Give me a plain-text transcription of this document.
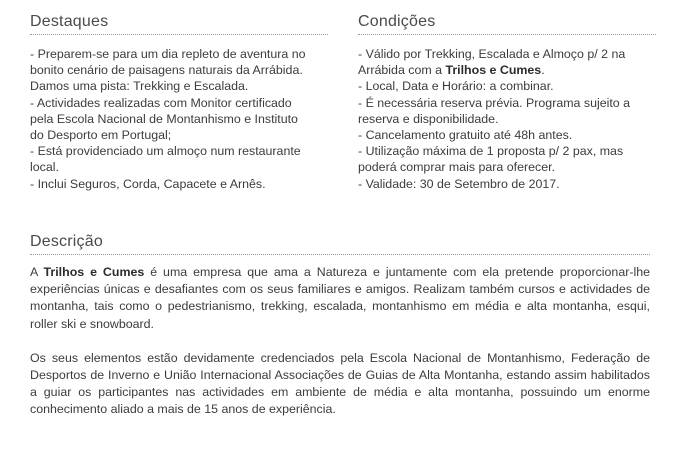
Destaques
- Preparem-se para um dia repleto de aventura no
bonito cenário de paisagens naturais da Arrábida.
Damos uma pista: Trekking e Escalada.
- Actividades realizadas com Monitor certificado
pela Escola Nacional de Montanhismo e Instituto
do Desporto em Portugal;
- Está providenciado um almoço num restaurante
local.
- Inclui Seguros, Corda, Capacete e Arnês.
Condições
- Válido por Trekking, Escalada e Almoço p/ 2 na
Arrábida com a Trilhos e Cumes.
- Local, Data e Horário: a combinar.
- É necessária reserva prévia. Programa sujeito a
reserva e disponibilidade.
- Cancelamento gratuito até 48h antes.
- Utilização máxima de 1 proposta p/ 2 pax, mas
poderá comprar mais para oferecer.
- Validade: 30 de Setembro de 2017.
Descrição

A Trilhos e Cumes é uma empresa que ama a Natureza e juntamente com ela pretende proporcionar-lhe experiências únicas e desafiantes com os seus familiares e amigos. Realizam também cursos e actividades de montanha, tais como o pedestrianismo, trekking, escalada, montanhismo em média e alta montanha, esqui, roller ski e snowboard.

Os seus elementos estão devidamente credenciados pela Escola Nacional de Montanhismo, Federação de Desportos de Inverno e União Internacional Associações de Guias de Alta Montanha, estando assim habilitados a guiar os participantes nas actividades em ambiente de média e alta montanha, possuindo um enorme conhecimento aliado a mais de 15 anos de experiência.
